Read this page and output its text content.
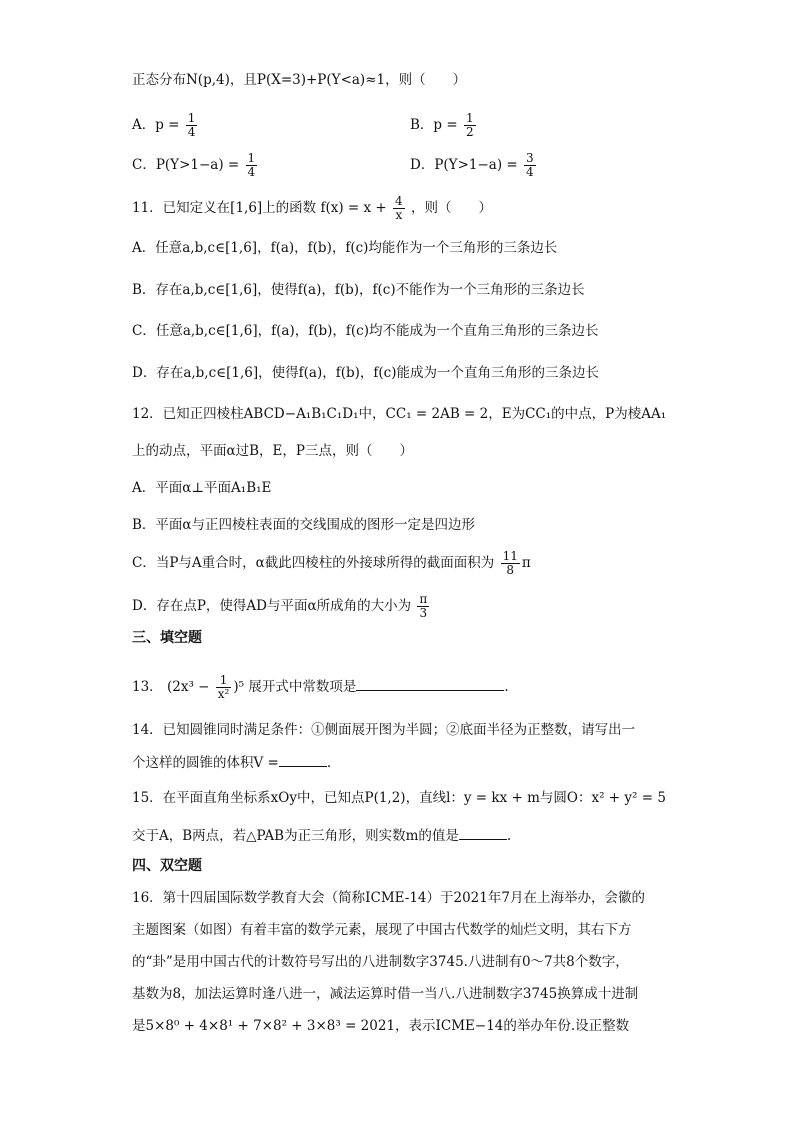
正态分布N(p,4)，且P(X=3)+P(Y<a)≈1，则（　　）
A．$p = \frac{1}{4}$	B．$p = \frac{1}{2}$
C．$P(Y>1-a) = \frac{1}{4}$	D．$P(Y>1-a) = \frac{3}{4}$
11．已知定义在[1,6]上的函数 $f(x) = x + \frac{4}{x}$ ，则（　　）
A．任意a,b,c∈[1,6]，f(a)，f(b)，f(c)均能作为一个三角形的三条边长
B．存在a,b,c∈[1,6]，使得f(a)，f(b)，f(c)不能作为一个三角形的三条边长
C．任意a,b,c∈[1,6]，f(a)，f(b)，f(c)均不能成为一个直角三角形的三条边长
D．存在a,b,c∈[1,6]，使得f(a)，f(b)，f(c)能成为一个直角三角形的三条边长
12．已知正四棱柱ABCD−A₁B₁C₁D₁中，CC₁ = 2AB = 2，E为CC₁的中点，P为棱AA₁
上的动点，平面α过B，E，P三点，则（　　）
A．平面α⊥平面A₁B₁E
B．平面α与正四棱柱表面的交线围成的图形一定是四边形
C．当P与A重合时，α截此四棱柱的外接球所得的截面面积为 $\frac{11}{8}$ π
D．存在点P，使得AD与平面α所成角的大小为 $\frac{\pi}{3}$
三、填空题
13． $(2x^3 - \frac{1}{\text{x²}} )^5$ 展开式中常数项是	.
14．已知圆锥同时满足条件：①侧面展开图为半圆；②底面半径为正整数，请写出一
个这样的圆锥的体积V =	.
15．在平面直角坐标系xOy中，已知点P(1,2)，直线l：y = kx + m与圆O：x² + y² = 5
交于A，B两点，若△PAB为正三角形，则实数m的值是	.
四、双空题
16．第十四届国际数学教育大会（简称ICME-14）于2021年7月在上海举办，会徽的
主题图案（如图）有着丰富的数学元素，展现了中国古代数学的灿烂文明，其右下方
的“卦”是用中国古代的计数符号写出的八进制数字3745.八进制有0～7共8个数字，
基数为8，加法运算时逢八进一，减法运算时借一当八.八进制数字3745换算成十进制
是5×8⁰ + 4×8¹ + 7×8² + 3×8³ = 2021，表示ICME−14的举办年份.设正整数
